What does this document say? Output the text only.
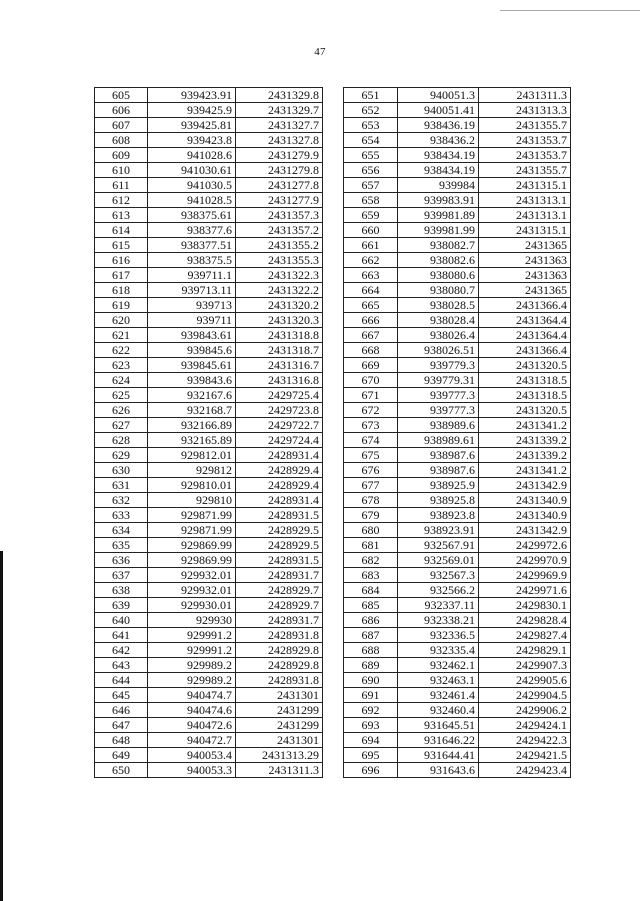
47
605	939423.91	2431329.8
606	939425.9	2431329.7
607	939425.81	2431327.7
608	939423.8	2431327.8
609	941028.6	2431279.9
610	941030.61	2431279.8
611	941030.5	2431277.8
612	941028.5	2431277.9
613	938375.61	2431357.3
614	938377.6	2431357.2
615	938377.51	2431355.2
616	938375.5	2431355.3
617	939711.1	2431322.3
618	939713.11	2431322.2
619	939713	2431320.2
620	939711	2431320.3
621	939843.61	2431318.8
622	939845.6	2431318.7
623	939845.61	2431316.7
624	939843.6	2431316.8
625	932167.6	2429725.4
626	932168.7	2429723.8
627	932166.89	2429722.7
628	932165.89	2429724.4
629	929812.01	2428931.4
630	929812	2428929.4
631	929810.01	2428929.4
632	929810	2428931.4
633	929871.99	2428931.5
634	929871.99	2428929.5
635	929869.99	2428929.5
636	929869.99	2428931.5
637	929932.01	2428931.7
638	929932.01	2428929.7
639	929930.01	2428929.7
640	929930	2428931.7
641	929991.2	2428931.8
642	929991.2	2428929.8
643	929989.2	2428929.8
644	929989.2	2428931.8
645	940474.7	2431301
646	940474.6	2431299
647	940472.6	2431299
648	940472.7	2431301
649	940053.4	2431313.29
650	940053.3	2431311.3
651	940051.3	2431311.3
652	940051.41	2431313.3
653	938436.19	2431355.7
654	938436.2	2431353.7
655	938434.19	2431353.7
656	938434.19	2431355.7
657	939984	2431315.1
658	939983.91	2431313.1
659	939981.89	2431313.1
660	939981.99	2431315.1
661	938082.7	2431365
662	938082.6	2431363
663	938080.6	2431363
664	938080.7	2431365
665	938028.5	2431366.4
666	938028.4	2431364.4
667	938026.4	2431364.4
668	938026.51	2431366.4
669	939779.3	2431320.5
670	939779.31	2431318.5
671	939777.3	2431318.5
672	939777.3	2431320.5
673	938989.6	2431341.2
674	938989.61	2431339.2
675	938987.6	2431339.2
676	938987.6	2431341.2
677	938925.9	2431342.9
678	938925.8	2431340.9
679	938923.8	2431340.9
680	938923.91	2431342.9
681	932567.91	2429972.6
682	932569.01	2429970.9
683	932567.3	2429969.9
684	932566.2	2429971.6
685	932337.11	2429830.1
686	932338.21	2429828.4
687	932336.5	2429827.4
688	932335.4	2429829.1
689	932462.1	2429907.3
690	932463.1	2429905.6
691	932461.4	2429904.5
692	932460.4	2429906.2
693	931645.51	2429424.1
694	931646.22	2429422.3
695	931644.41	2429421.5
696	931643.6	2429423.4
